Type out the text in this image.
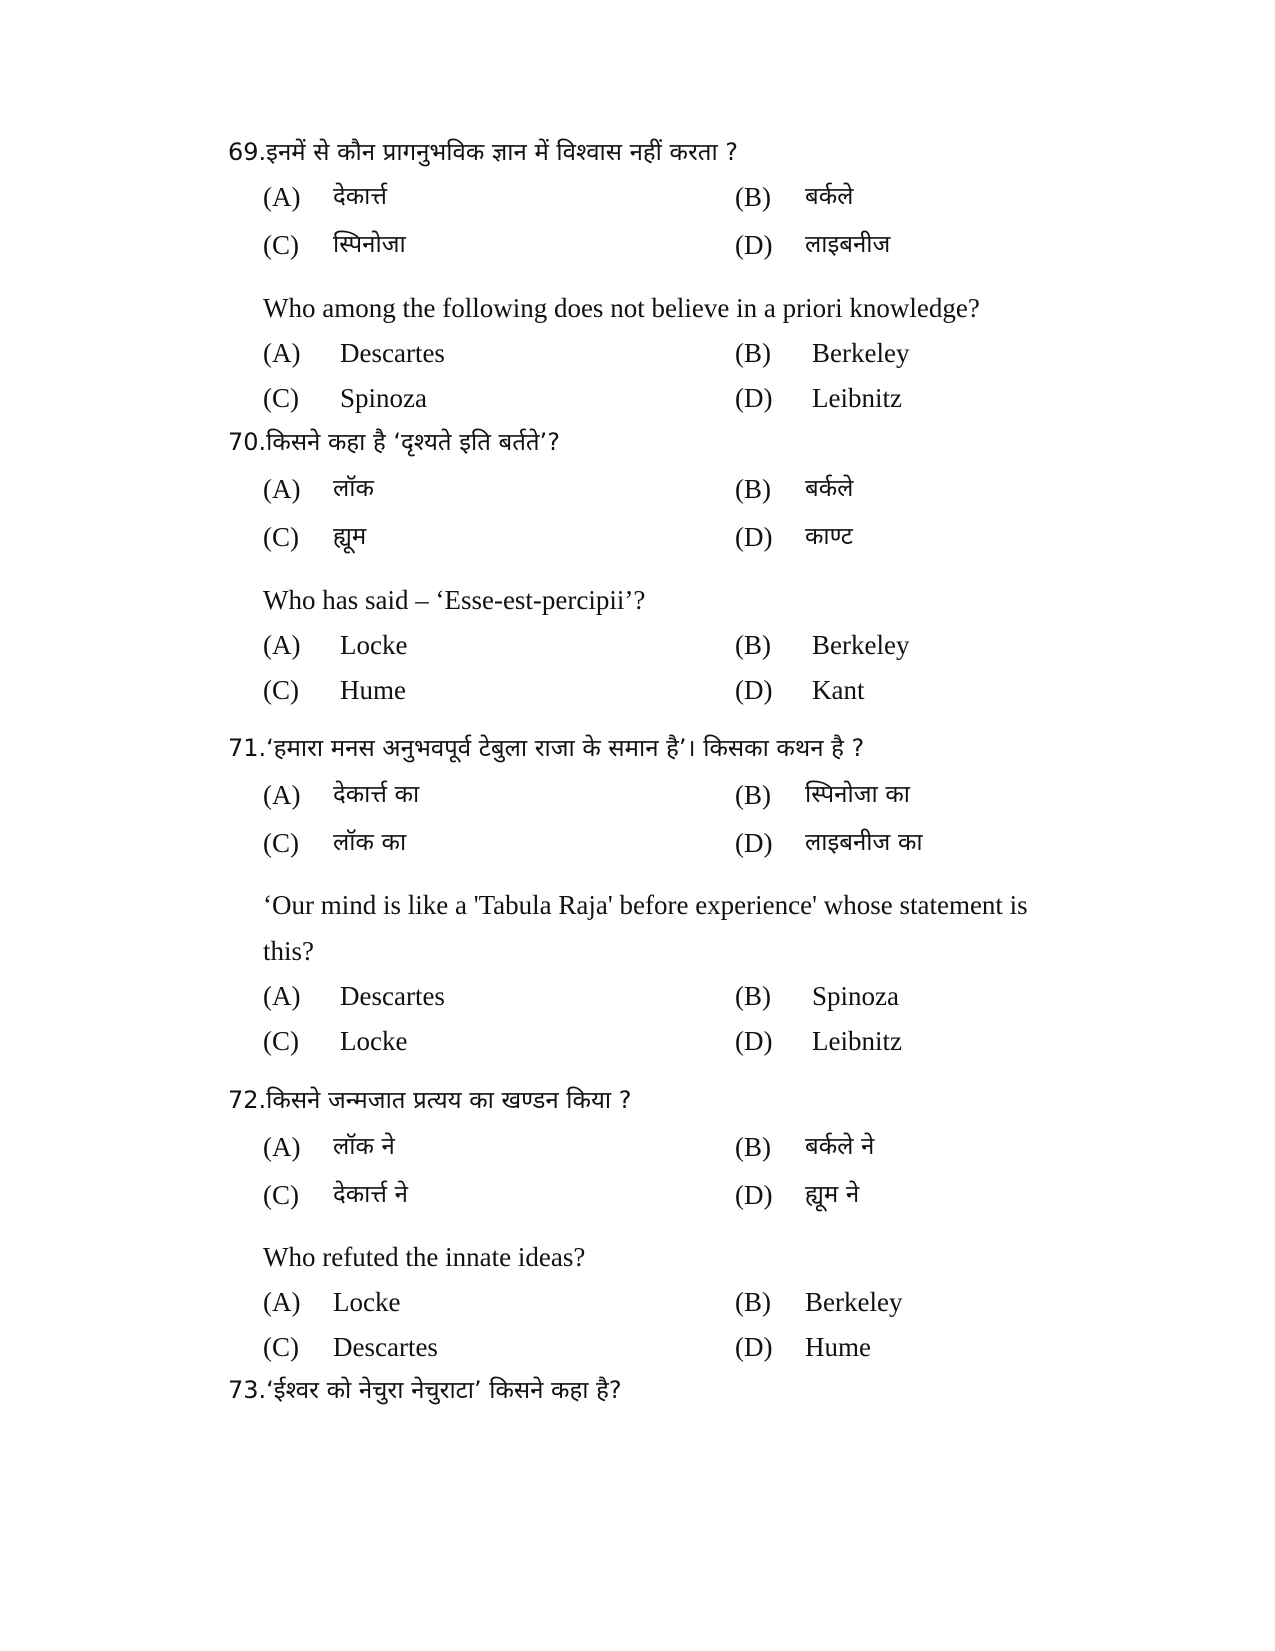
69.इनमें से कौन प्रागनुभविक ज्ञान में विश्वास नहीं करता ?
(A) देकार्त्त	(B) बर्कले
(C) स्पिनोजा	(D) लाइबनीज
Who among the following does not believe in a priori knowledge?
(A) Descartes	(B) Berkeley
(C) Spinoza	(D) Leibnitz
70.किसने कहा है ‘दृश्यते इति बर्तते’?
(A) लॉक	(B) बर्कले
(C) ह्यूम	(D) काण्ट
Who has said – ‘Esse-est-percipii’?
(A) Locke	(B) Berkeley
(C) Hume	(D) Kant
71.‘हमारा मनस अनुभवपूर्व टेबुला राजा के समान है’। किसका कथन है ?
(A) देकार्त्त का	(B) स्पिनोजा का
(C) लॉक का	(D) लाइबनीज का
‘Our mind is like a 'Tabula Raja' before experience' whose statement is
this?
(A) Descartes	(B) Spinoza
(C) Locke	(D) Leibnitz
72.किसने जन्मजात प्रत्यय का खण्डन किया ?
(A) लॉक ने	(B) बर्कले ने
(C) देकार्त्त ने	(D) ह्यूम ने
Who refuted the innate ideas?
(A) Locke	(B) Berkeley
(C) Descartes	(D) Hume
73.‘ईश्वर को नेचुरा नेचुराटा’ किसने कहा है?
